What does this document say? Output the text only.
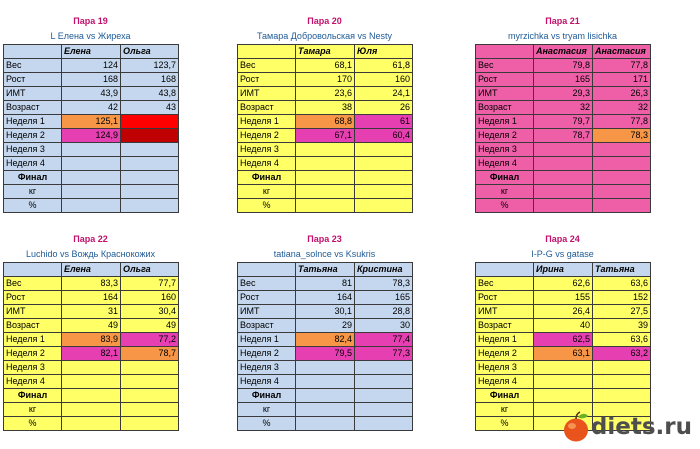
Пара 19
L Елена vs Жиреха
	Елена	Ольга
Вес	124	123,7
Рост	168	168
ИМТ	43,9	43,8
Возраст	42	43
Неделя 1	125,1	
Неделя 2	124,9	
Неделя 3		
Неделя 4		
Финал		
кг		
%		
Пара 20
Тамара Добровольская vs Nesty
	Тамара	Юля
Вес	68,1	61,8
Рост	170	160
ИМТ	23,6	24,1
Возраст	38	26
Неделя 1	68,8	61
Неделя 2	67,1	60,4
Неделя 3		
Неделя 4		
Финал		
кг		
%		
Пара 21
myrzichka vs tryam lisichka
	Анастасия	Анастасия
Вес	79,8	77,8
Рост	165	171
ИМТ	29,3	26,3
Возраст	32	32
Неделя 1	79,7	77,8
Неделя 2	78,7	78,3
Неделя 3		
Неделя 4		
Финал		
кг		
%		
Пара 22
Luchido vs Вождь Краснокожих
	Елена	Ольга
Вес	83,3	77,7
Рост	164	160
ИМТ	31	30,4
Возраст	49	49
Неделя 1	83,9	77,2
Неделя 2	82,1	78,7
Неделя 3		
Неделя 4		
Финал		
кг		
%		
Пара 23
tatiana_solnce vs Ksukris
	Татьяна	Кристина
Вес	81	78,3
Рост	164	165
ИМТ	30,1	28,8
Возраст	29	30
Неделя 1	82,4	77,4
Неделя 2	79,5	77,3
Неделя 3		
Неделя 4		
Финал		
кг		
%		
Пара 24
I-P-G vs gatase
	Ирина	Татьяна
Вес	62,6	63,6
Рост	155	152
ИМТ	26,4	27,5
Возраст	40	39
Неделя 1	62,5	63,6
Неделя 2	63,1	63,2
Неделя 3		
Неделя 4		
Финал		
кг		
%			diets.ru
